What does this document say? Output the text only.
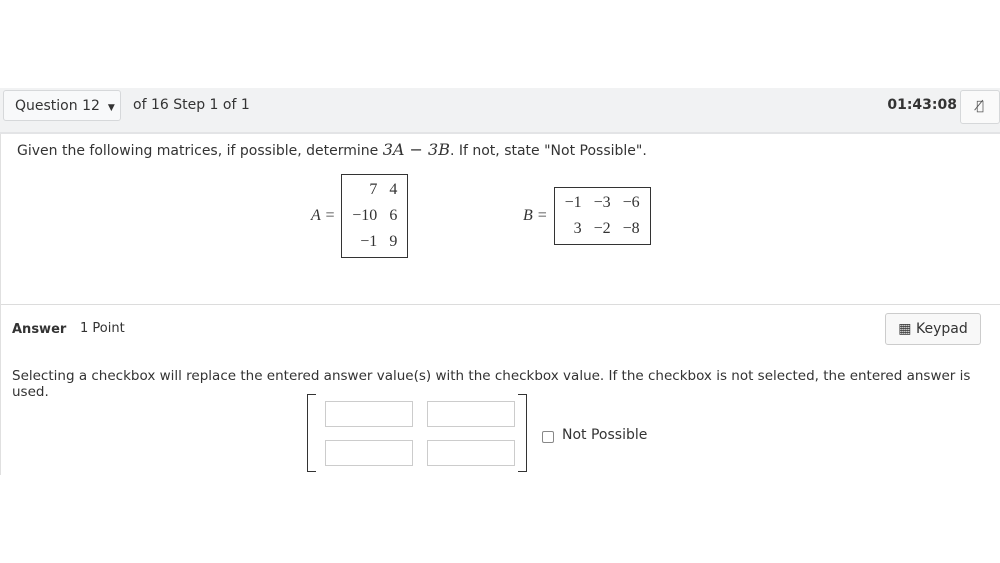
Question 12 ▼	of 16 Step 1 of 1	01:43:08	👁̸
Given the following matrices, if possible, determine 3A − 3B. If not, state "Not Possible".
A =
7	4
−10	6
−1	9
B =
−1	−3	−6
3	−2	−8
Answer 1 Point	▦ Keypad
Selecting a checkbox will replace the entered answer value(s) with the checkbox value. If the checkbox is not selected, the entered answer is used.
Not Possible
